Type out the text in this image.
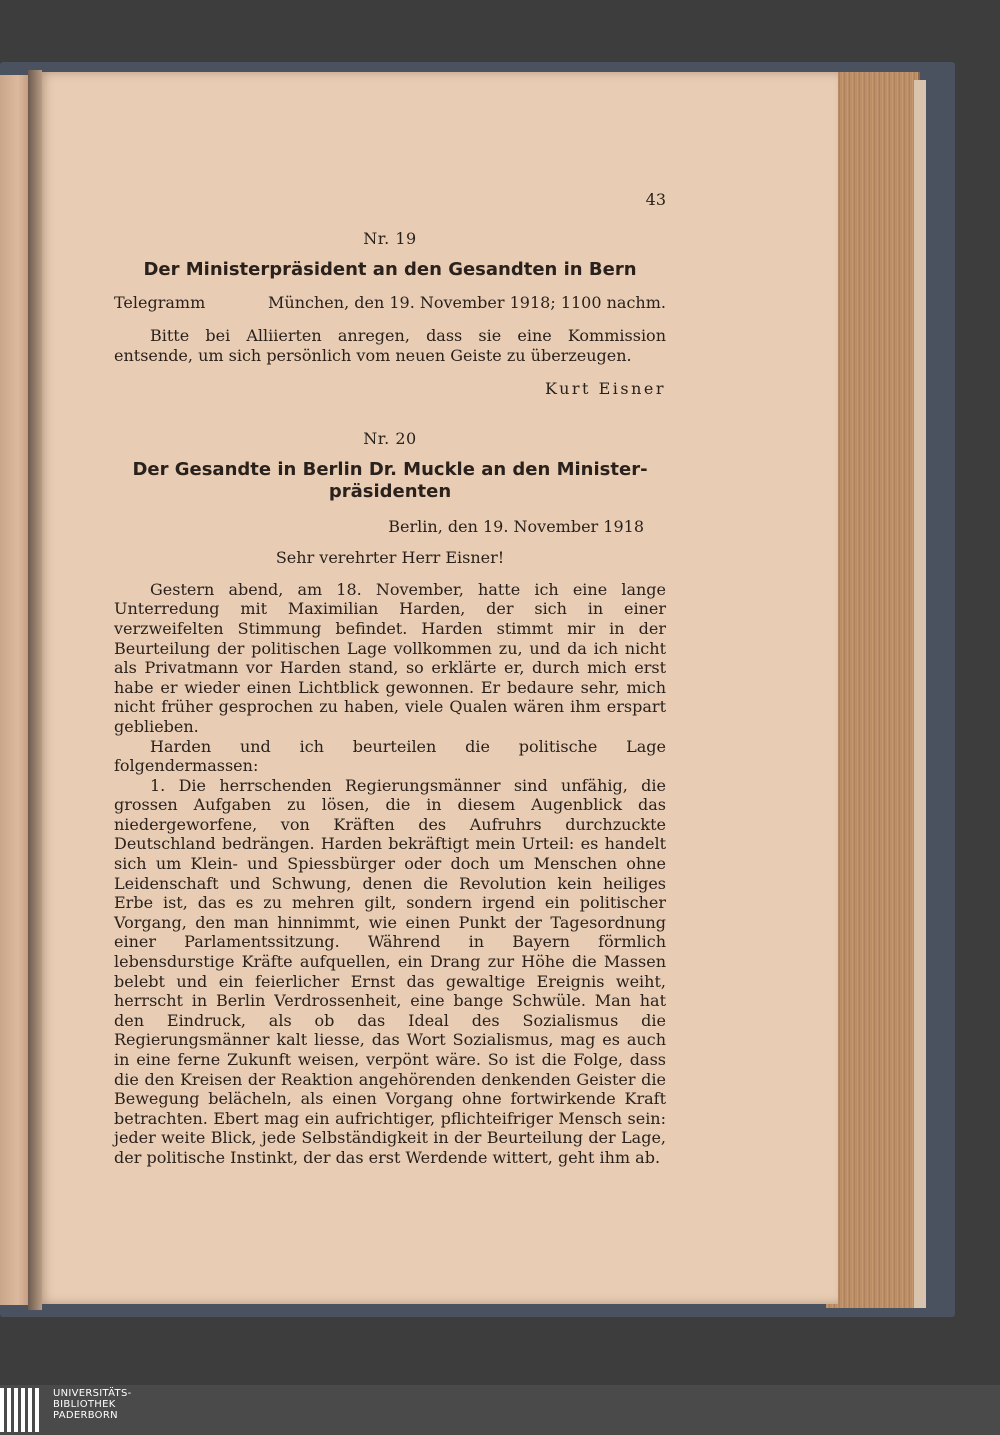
43

Nr. 19

Der Ministerpräsident an den Gesandten in Bern

Telegramm	München, den 19. November 1918; 1100 nachm.

Bitte bei Alliierten anregen, dass sie eine Kommission entsende, um sich persönlich vom neuen Geiste zu überzeugen.

Kurt Eisner

Nr. 20

Der Gesandte in Berlin Dr. Muckle an den Minister-präsidenten

Berlin, den 19. November 1918

Sehr verehrter Herr Eisner!

Gestern abend, am 18. November, hatte ich eine lange Unterredung mit Maximilian Harden, der sich in einer verzweifelten Stimmung befindet. Harden stimmt mir in der Beurteilung der politischen Lage vollkommen zu, und da ich nicht als Privatmann vor Harden stand, so erklärte er, durch mich erst habe er wieder einen Lichtblick gewonnen. Er bedaure sehr, mich nicht früher gesprochen zu haben, viele Qualen wären ihm erspart geblieben.

Harden und ich beurteilen die politische Lage folgendermassen:

1. Die herrschenden Regierungsmänner sind unfähig, die grossen Aufgaben zu lösen, die in diesem Augenblick das niedergeworfene, von Kräften des Aufruhrs durchzuckte Deutschland bedrängen. Harden bekräftigt mein Urteil: es handelt sich um Klein- und Spiessbürger oder doch um Menschen ohne Leidenschaft und Schwung, denen die Revolution kein heiliges Erbe ist, das es zu mehren gilt, sondern irgend ein politischer Vorgang, den man hinnimmt, wie einen Punkt der Tagesordnung einer Parlamentssitzung. Während in Bayern förmlich lebensdurstige Kräfte aufquellen, ein Drang zur Höhe die Massen belebt und ein feierlicher Ernst das gewaltige Ereignis weiht, herrscht in Berlin Verdrossenheit, eine bange Schwüle. Man hat den Eindruck, als ob das Ideal des Sozialismus die Regierungsmänner kalt liesse, das Wort Sozialismus, mag es auch in eine ferne Zukunft weisen, verpönt wäre. So ist die Folge, dass die den Kreisen der Reaktion angehörenden denkenden Geister die Bewegung belächeln, als einen Vorgang ohne fortwirkende Kraft betrachten. Ebert mag ein aufrichtiger, pflichteifriger Mensch sein: jeder weite Blick, jede Selbständigkeit in der Beurteilung der Lage, der politische Instinkt, der das erst Werdende wittert, geht ihm ab.

UNIVERSITÄTS-
BIBLIOTHEK
PADERBORN
